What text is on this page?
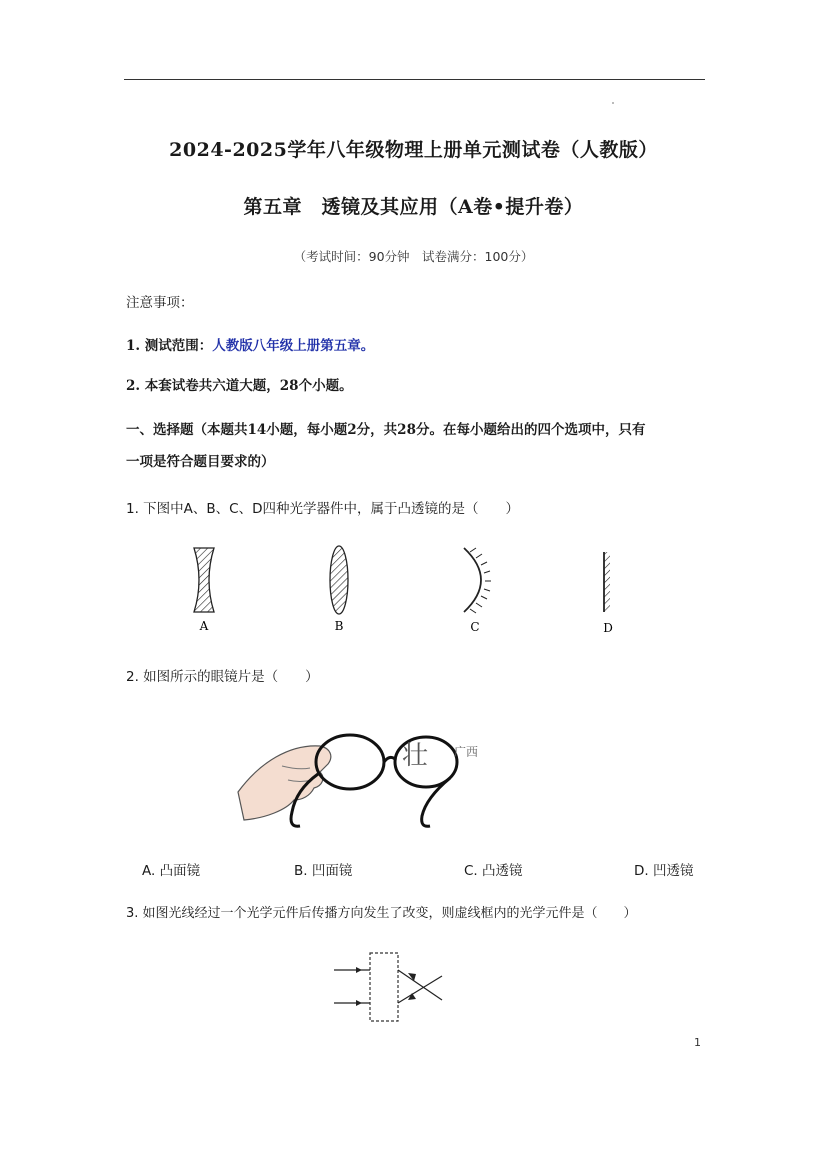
2024-2025学年八年级物理上册单元测试卷（人教版）
第五章　透镜及其应用（A卷•提升卷）
（考试时间：90分钟　试卷满分：100分）
注意事项：
1. 测试范围：人教版八年级上册第五章。
2. 本套试卷共六道大题，28个小题。
一、选择题（本题共14小题，每小题2分，共28分。在每小题给出的四个选项中，只有
一项是符合题目要求的）
1. 下图中A、B、C、D四种光学器件中，属于凸透镜的是（　　）
A	B	C	D
2. 如图所示的眼镜片是（　　）
壮 广西
A. 凸面镜	B. 凹面镜	C. 凸透镜	D. 凹透镜
3. 如图光线经过一个光学元件后传播方向发生了改变，则虚线框内的光学元件是（　　）
1
